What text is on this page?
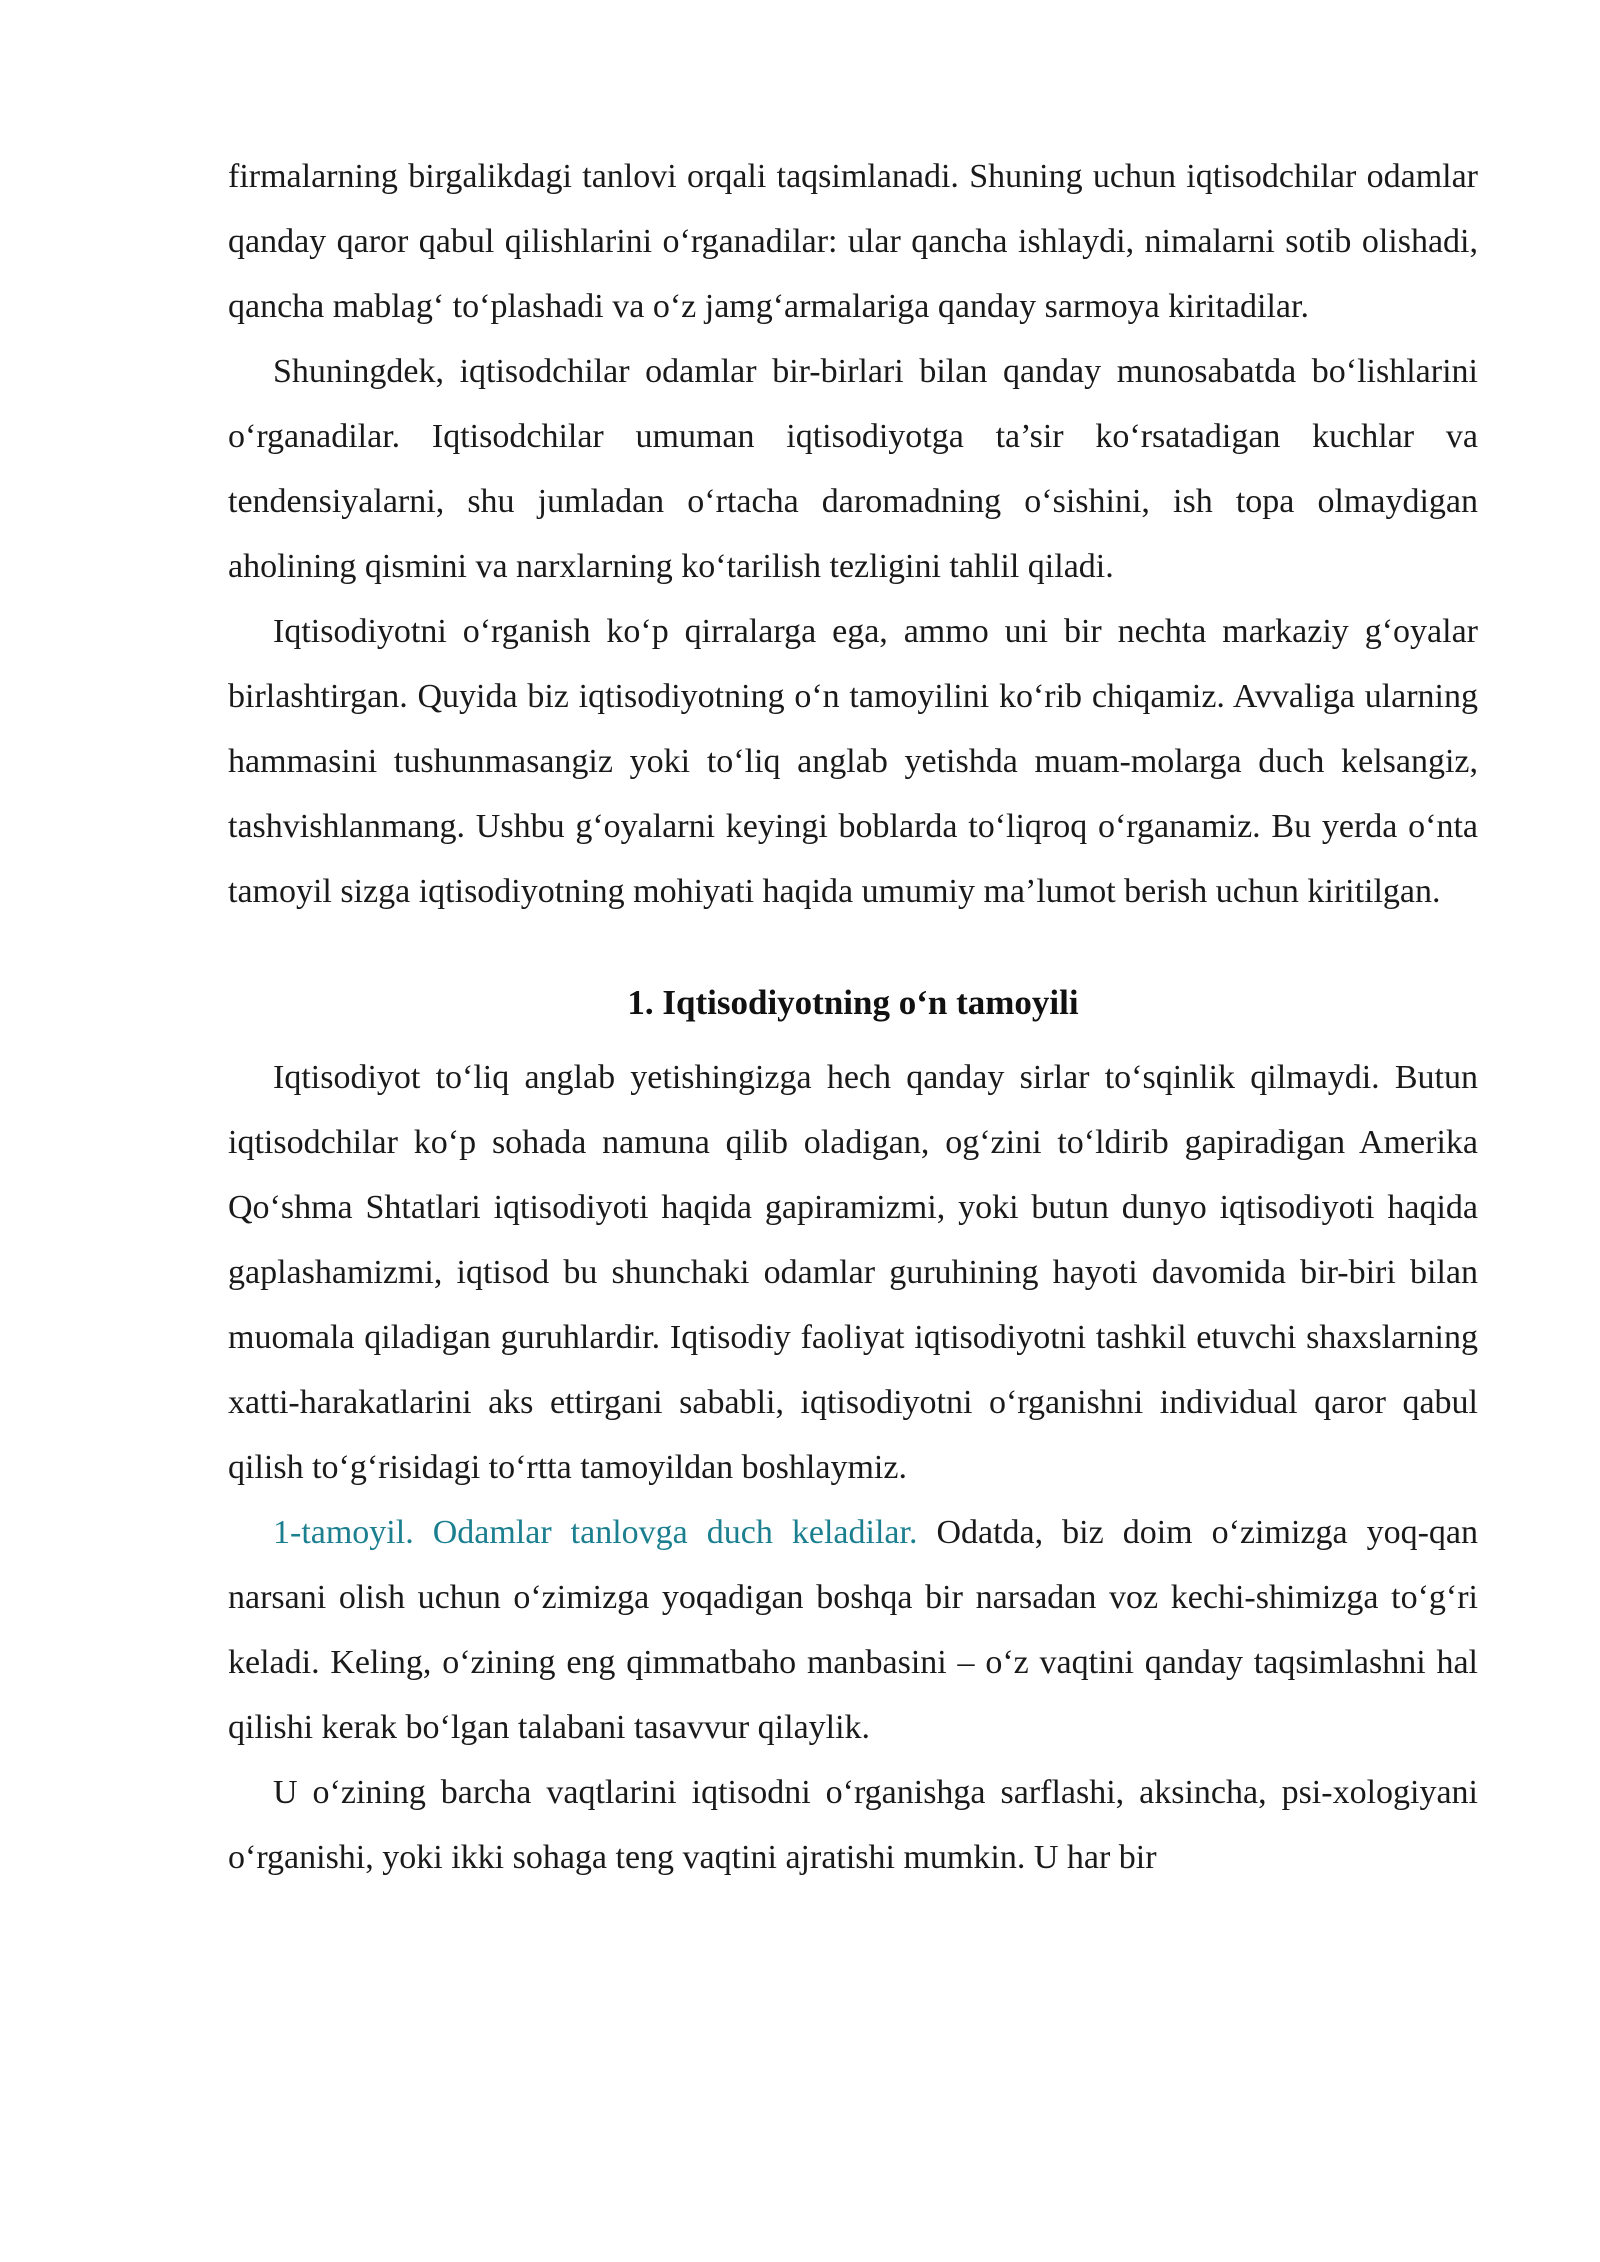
firmalarning birgalikdagi tanlovi orqali taqsimlanadi. Shuning uchun iqtisodchilar odamlar qanday qaror qabul qilishlarini o‘rganadilar: ular qancha ishlaydi, nimalarni sotib olishadi, qancha mablag‘ to‘plashadi va o‘z jamg‘armalariga qanday sarmoya kiritadilar.

Shuningdek, iqtisodchilar odamlar bir-birlari bilan qanday munosabatda bo‘lishlarini o‘rganadilar. Iqtisodchilar umuman iqtisodiyotga ta’sir ko‘rsatadigan kuchlar va tendensiyalarni, shu jumladan o‘rtacha daromadning o‘sishini, ish topa olmaydigan aholining qismini va narxlarning ko‘tarilish tezligini tahlil qiladi.

Iqtisodiyotni o‘rganish ko‘p qirralarga ega, ammo uni bir nechta markaziy g‘oyalar birlashtirgan. Quyida biz iqtisodiyotning o‘n tamoyilini ko‘rib chiqamiz. Avvaliga ularning hammasini tushunmasangiz yoki to‘liq anglab yetishda muam-molarga duch kelsangiz, tashvishlanmang. Ushbu g‘oyalarni keyingi boblarda to‘liqroq o‘rganamiz. Bu yerda o‘nta tamoyil sizga iqtisodiyotning mohiyati haqida umumiy ma’lumot berish uchun kiritilgan.

1. Iqtisodiyotning o‘n tamoyili

Iqtisodiyot to‘liq anglab yetishingizga hech qanday sirlar to‘sqinlik qilmaydi. Butun iqtisodchilar ko‘p sohada namuna qilib oladigan, og‘zini to‘ldirib gapiradigan Amerika Qo‘shma Shtatlari iqtisodiyoti haqida gapiramizmi, yoki butun dunyo iqtisodiyoti haqida gaplashamizmi, iqtisod bu shunchaki odamlar guruhining hayoti davomida bir-biri bilan muomala qiladigan guruhlardir. Iqtisodiy faoliyat iqtisodiyotni tashkil etuvchi shaxslarning xatti-harakatlarini aks ettirgani sababli, iqtisodiyotni o‘rganishni individual qaror qabul qilish to‘g‘risidagi to‘rtta tamoyildan boshlaymiz.

1-tamoyil. Odamlar tanlovga duch keladilar. Odatda, biz doim o‘zimizga yoq-qan narsani olish uchun o‘zimizga yoqadigan boshqa bir narsadan voz kechi-shimizga to‘g‘ri keladi. Keling, o‘zining eng qimmatbaho manbasini – o‘z vaqtini qanday taqsimlashni hal qilishi kerak bo‘lgan talabani tasavvur qilaylik.

U o‘zining barcha vaqtlarini iqtisodni o‘rganishga sarflashi, aksincha, psi-xologiyani o‘rganishi, yoki ikki sohaga teng vaqtini ajratishi mumkin. U har bir
